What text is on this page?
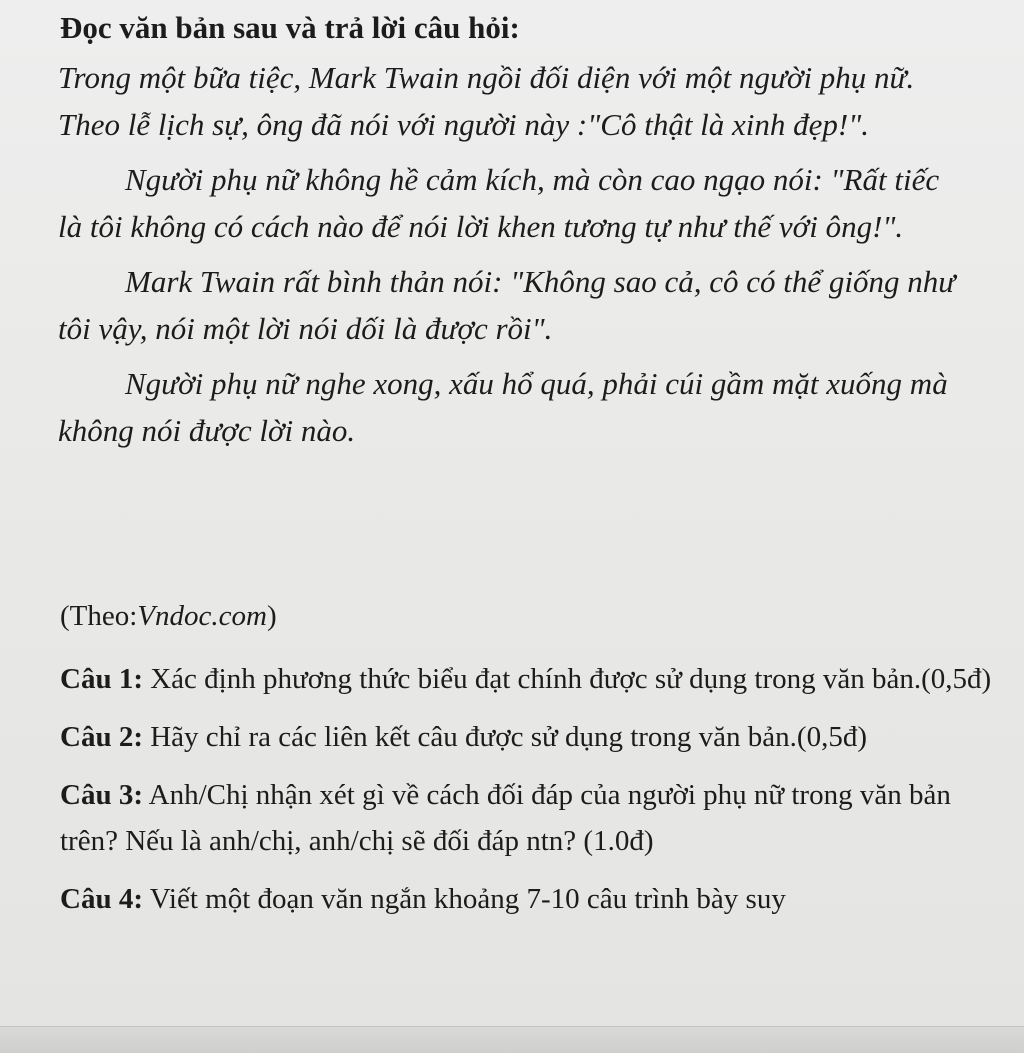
Đọc văn bản sau và trả lời câu hỏi:

Trong một bữa tiệc, Mark Twain ngồi đối diện với một người phụ nữ. Theo lễ lịch sự, ông đã nói với người này :"Cô thật là xinh đẹp!".

Người phụ nữ không hề cảm kích, mà còn cao ngạo nói: "Rất tiếc là tôi không có cách nào để nói lời khen tương tự như thế với ông!".

Mark Twain rất bình thản nói: "Không sao cả, cô có thể giống như tôi vậy, nói một lời nói dối là được rồi".

Người phụ nữ nghe xong, xấu hổ quá, phải cúi gầm mặt xuống mà không nói được lời nào.

(Theo:Vndoc.com)

Câu 1: Xác định phương thức biểu đạt chính được sử dụng trong văn bản.(0,5đ)

Câu 2: Hãy chỉ ra các liên kết câu được sử dụng trong văn bản.(0,5đ)

Câu 3: Anh/Chị nhận xét gì về cách đối đáp của người phụ nữ trong văn bản trên? Nếu là anh/chị, anh/chị sẽ đối đáp ntn? (1.0đ)

Câu 4: Viết một đoạn văn ngắn khoảng 7-10 câu trình bày suy
